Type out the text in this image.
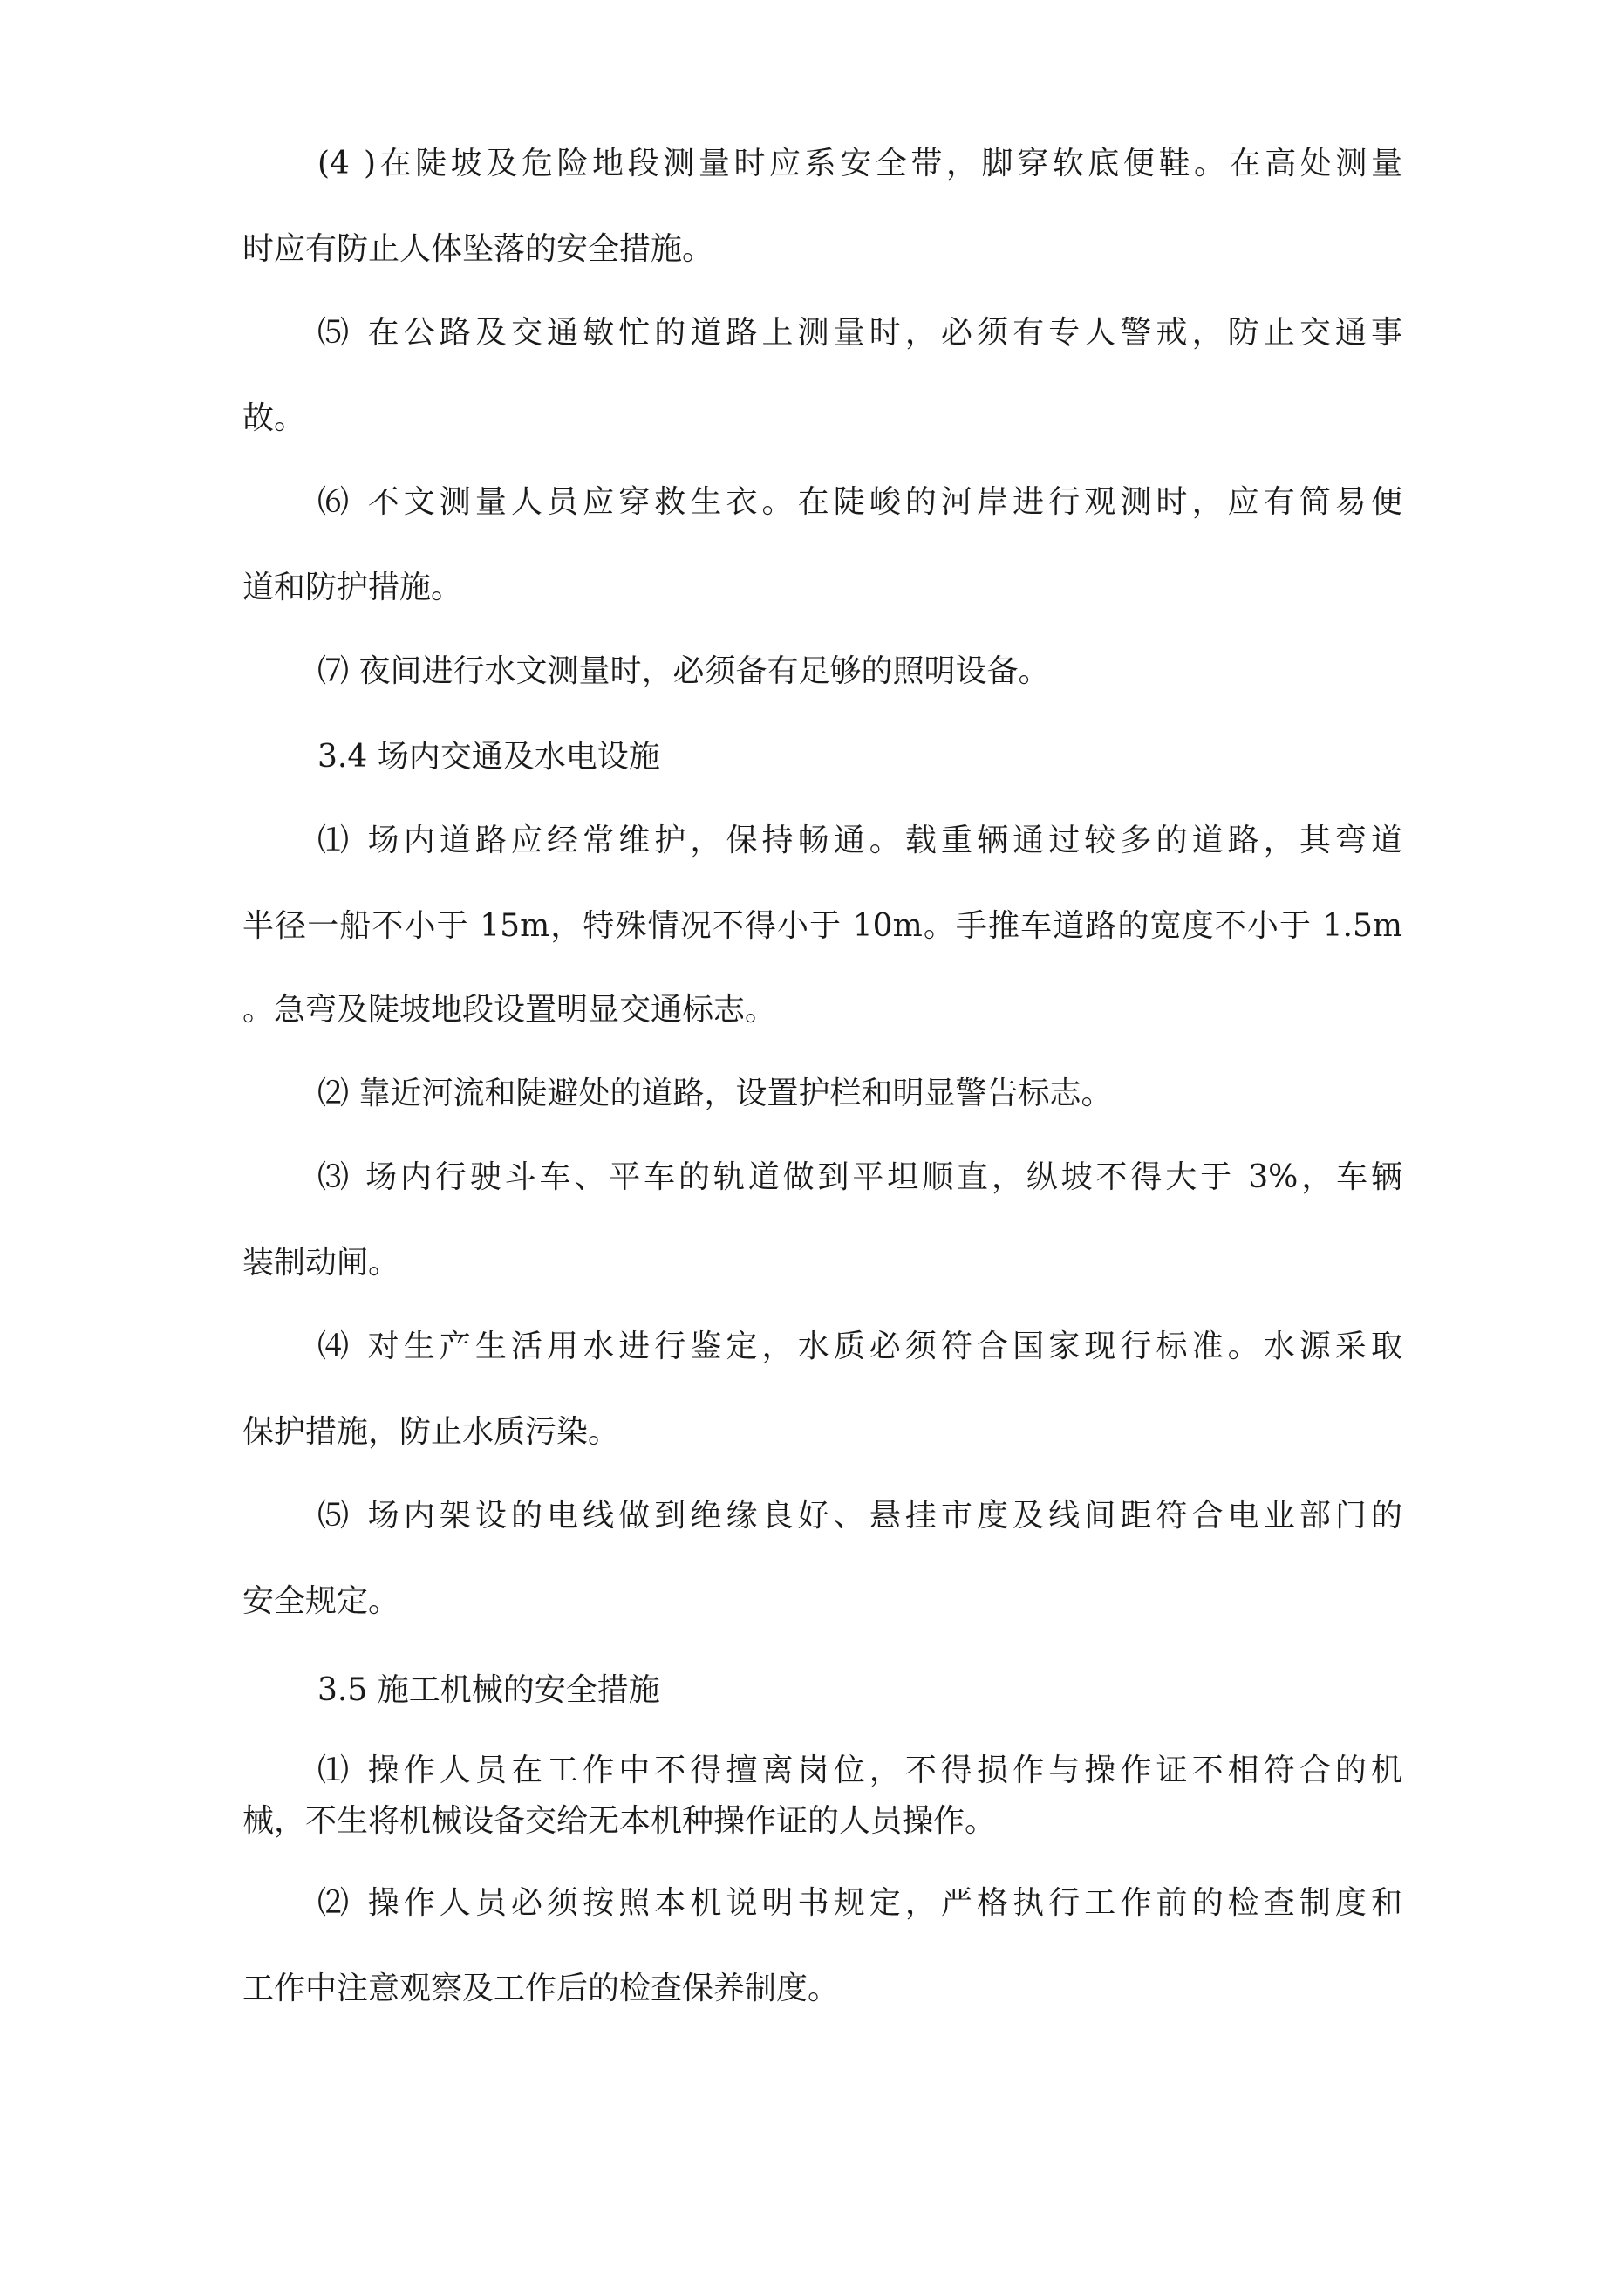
(4 )在陡坡及危险地段测量时应系安全带，脚穿软底便鞋。在高处测量
时应有防止人体坠落的安全措施。
⑸ 在公路及交通敏忙的道路上测量时，必须有专人警戒，防止交通事
故。
⑹ 不文测量人员应穿救生衣。在陡峻的河岸进行观测时，应有简易便
道和防护措施。
⑺ 夜间进行水文测量时，必须备有足够的照明设备。
3.4 场内交通及水电设施
⑴ 场内道路应经常维护，保持畅通。载重辆通过较多的道路，其弯道
半径一船不小于 15m，特殊情况不得小于 10m。手推车道路的宽度不小于 1.5m
。急弯及陡坡地段设置明显交通标志。
⑵ 靠近河流和陡避处的道路，设置护栏和明显警告标志。
⑶ 场内行驶斗车、平车的轨道做到平坦顺直，纵坡不得大于 3%，车辆
装制动闸。
⑷ 对生产生活用水进行鉴定，水质必须符合国家现行标准。水源采取
保护措施，防止水质污染。
⑸ 场内架设的电线做到绝缘良好、悬挂市度及线间距符合电业部门的
安全规定。
3.5 施工机械的安全措施
⑴ 操作人员在工作中不得擅离岗位，不得损作与操作证不相符合的机
械，不生将机械设备交给无本机种操作证的人员操作。
⑵ 操作人员必须按照本机说明书规定，严格执行工作前的检查制度和
工作中注意观察及工作后的检查保养制度。
